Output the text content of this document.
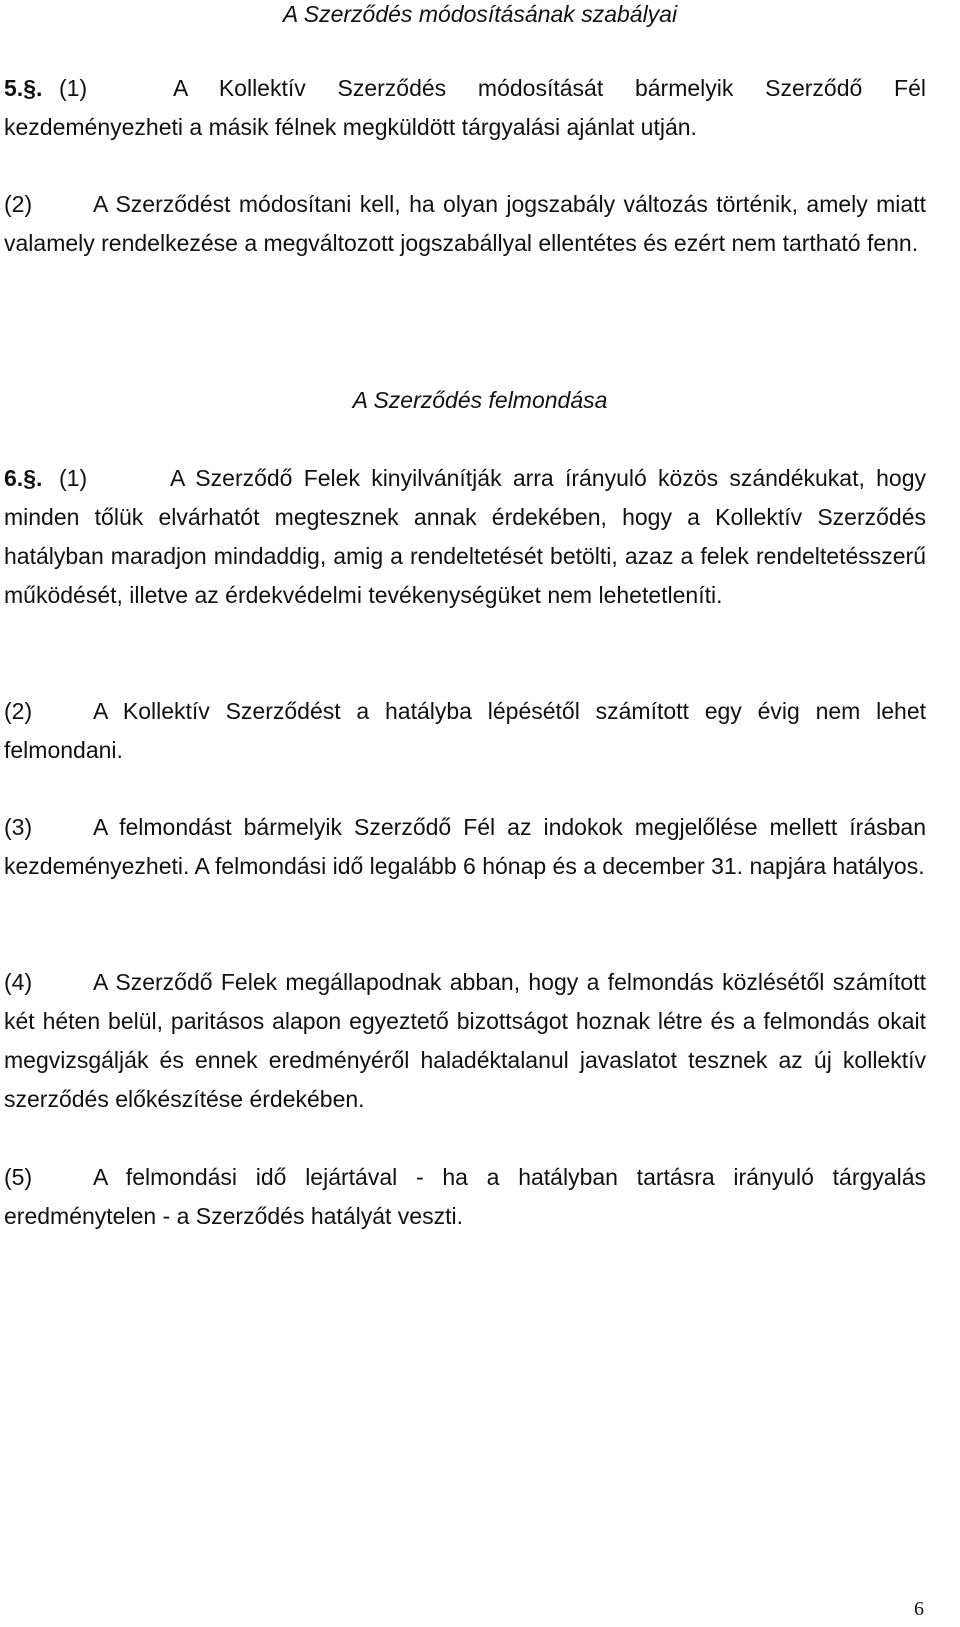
A Szerződés módosításának szabályai

5.§. (1)	A Kollektív Szerződés módosítását bármelyik Szerződő Fél kezdeményezheti a másik félnek megküldött tárgyalási ajánlat utján.

(2)	A Szerződést módosítani kell, ha olyan jogszabály változás történik, amely miatt valamely rendelkezése a megváltozott jogszabállyal ellentétes és ezért nem tartható fenn.

A Szerződés felmondása

6.§. (1)	A Szerződő Felek kinyilvánítják arra írányuló közös szándékukat, hogy minden tőlük elvárhatót megtesznek annak érdekében, hogy a Kollektív Szerződés hatályban maradjon mindaddig, amig a rendeltetését betölti, azaz a felek rendeltetésszerű működését, illetve az érdekvédelmi tevékenységüket nem lehetetleníti.

(2)	A Kollektív Szerződést a hatályba lépésétől számított egy évig nem lehet felmondani.

(3)	A felmondást bármelyik Szerződő Fél az indokok megjelőlése mellett írásban kezdeményezheti. A felmondási idő legalább 6 hónap és a december 31. napjára hatályos.

(4)	A Szerződő Felek megállapodnak abban, hogy a felmondás közlésétől számított két héten belül, paritásos alapon egyeztető bizottságot hoznak létre és a felmondás okait megvizsgálják és ennek eredményéről haladéktalanul javaslatot tesznek az új kollektív szerződés előkészítése érdekében.

(5)	A felmondási idő lejártával - ha a hatályban tartásra irányuló tárgyalás eredménytelen - a Szerződés hatályát veszti.

6
